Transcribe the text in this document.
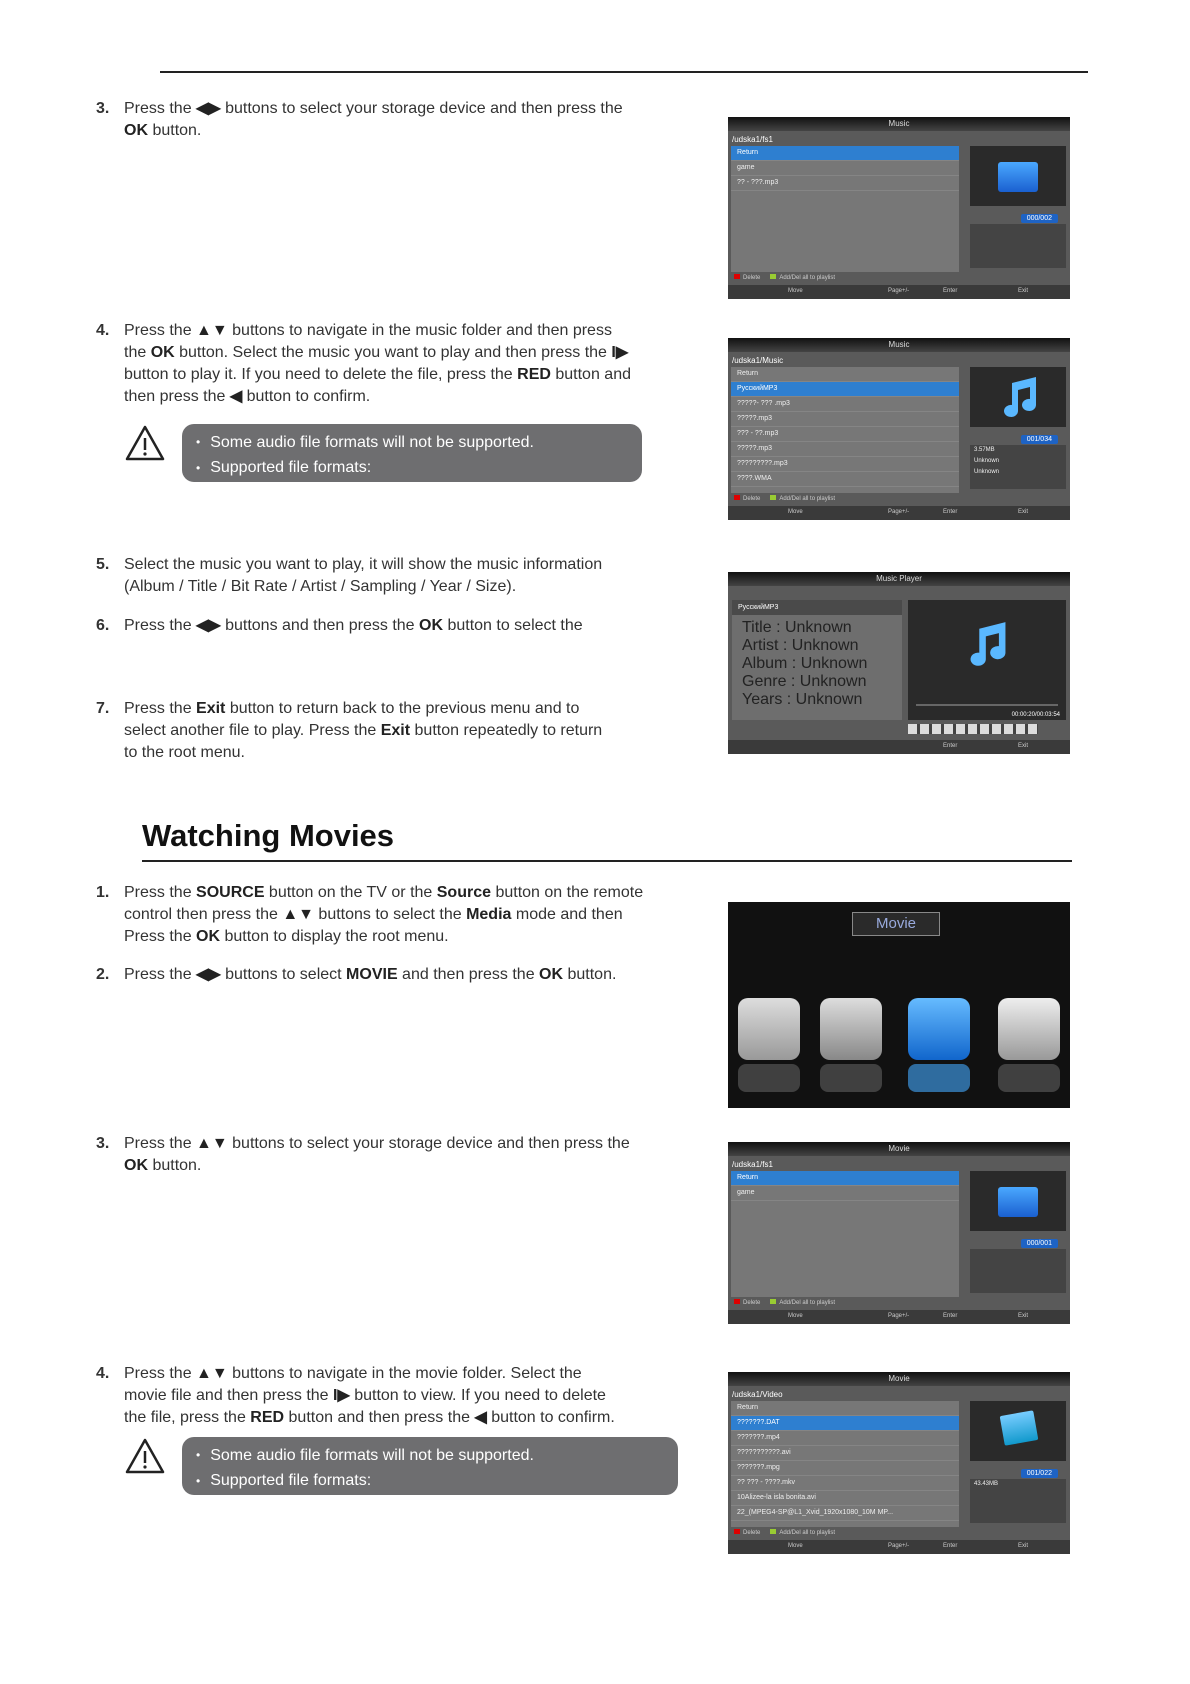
3. Press the ◀▶ buttons to select your storage device and then press the
OK button.
4. Press the ▲▼ buttons to navigate in the music folder and then press
the OK button. Select the music you want to play and then press the I▶
button to play it. If you need to delete the file, press the RED button and
then press the ◀ button to confirm.
5. Select the music you want to play, it will show the music information
(Album / Title / Bit Rate / Artist / Sampling / Year / Size).
6. Press the ◀▶ buttons and then press the OK button to select the
7. Press the Exit button to return back to the previous menu and to
select another file to play. Press the Exit button repeatedly to return
to the root menu.
• Some audio file formats will not be supported.
• Supported file formats:
Watching Movies
1. Press the SOURCE button on the TV or the Source button on the remote
control then press the ▲▼ buttons to select the Media mode and then
Press the OK button to display the root menu.
2. Press the ◀▶ buttons to select MOVIE and then press the OK button.
3. Press the ▲▼ buttons to select your storage device and then press the
OK button.
4. Press the ▲▼ buttons to navigate in the movie folder. Select the
movie file and then press the I▶ button to view. If you need to delete
the file, press the RED button and then press the ◀ button to confirm.
• Some audio file formats will not be supported.
• Supported file formats:
Music
/udska1/fs1
Return
game
?? - ???.mp3
000/002
Delete	Add/Del all to playlist
Move	Page+/-	Enter	Exit
Music
/udska1/Music
Return
РусскийMP3
?????- ??? .mp3
?????.mp3
??? - ??.mp3
?????.mp3
?????????.mp3
????.WMA
001/034
3.57MB
Unknown
Unknown
Delete	Add/Del all to playlist
Move	Page+/-	Enter	Exit
Music Player
РусскийMP3
Title : Unknown
Artist : Unknown
Album : Unknown
Genre : Unknown
Years : Unknown
00:00:20/00:03:54
Enter	Exit
Movie
Movie
/udska1/fs1
Return
game
000/001
Delete	Add/Del all to playlist
Move	Page+/-	Enter	Exit
Movie
/udska1/Video
Return
???????.DAT
???????.mp4
???????????.avi
???????.mpg
?? ??? - ????.mkv
10Alizee-la isla bonita.avi
22_(MPEG4-SP@L1_Xvid_1920x1080_10M MP...
001/022
43.43MB
Delete	Add/Del all to playlist
Move	Page+/-	Enter	Exit
